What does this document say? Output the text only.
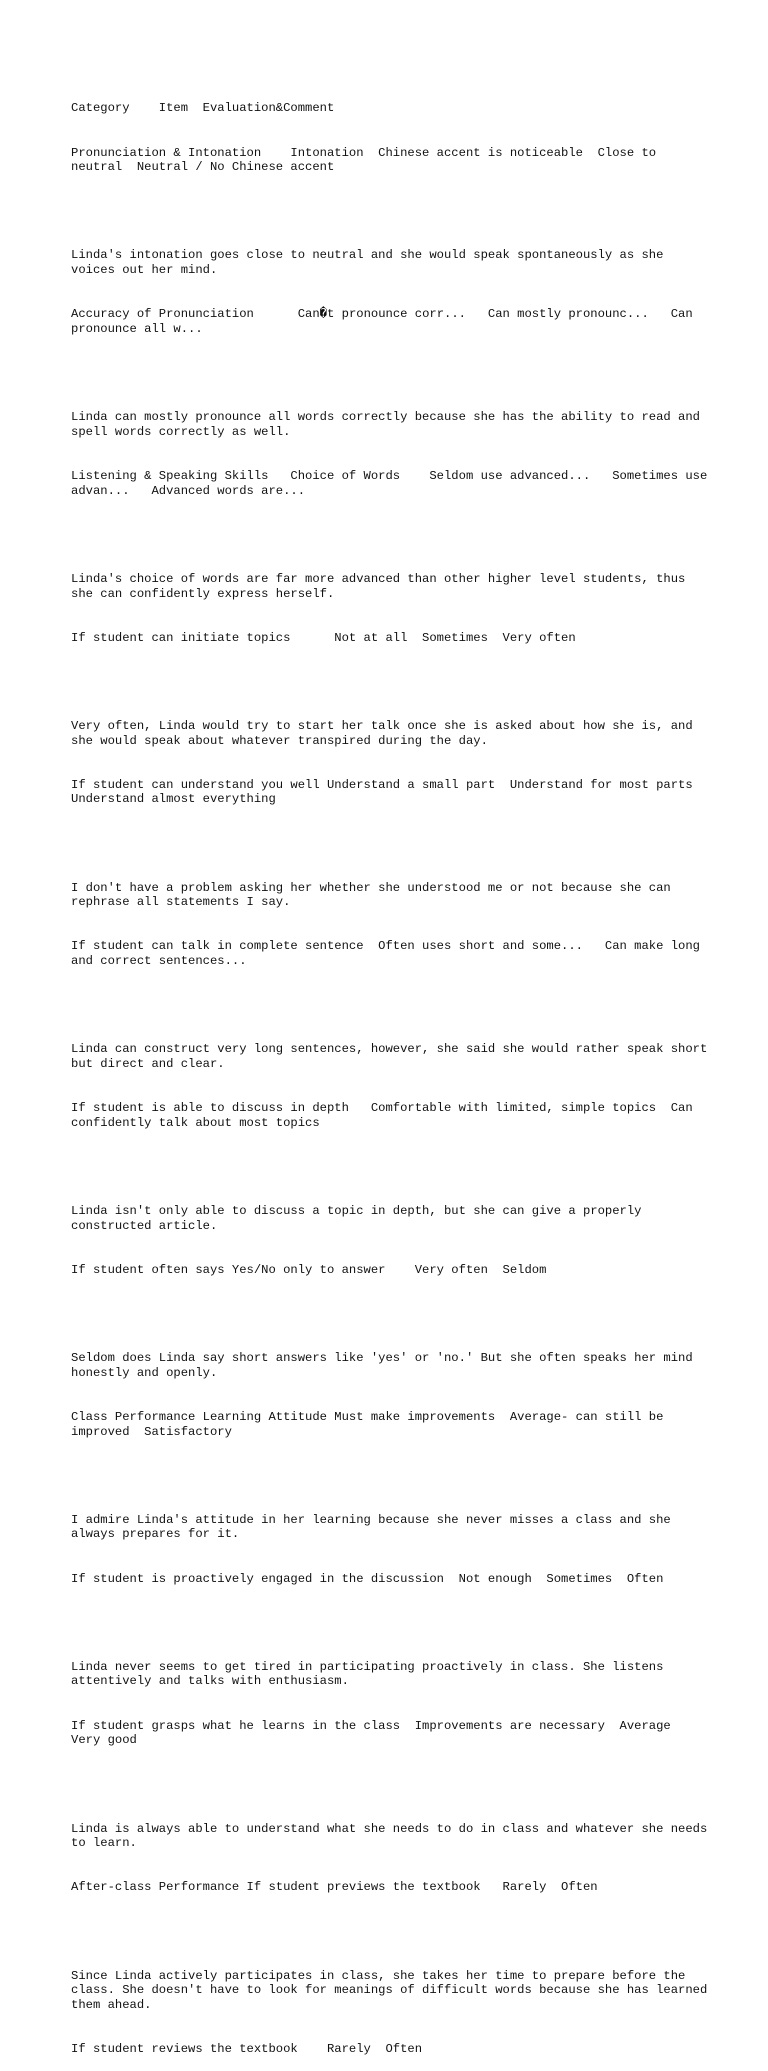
Category    Item  Evaluation&Comment

Pronunciation & Intonation    Intonation  Chinese accent is noticeable  Close to neutral  Neutral / No Chinese accent

Linda's intonation goes close to neutral and she would speak spontaneously as she voices out her mind.

Accuracy of Pronunciation      Can�t pronounce corr...   Can mostly pronounc...   Can pronounce all w...

Linda can mostly pronounce all words correctly because she has the ability to read and spell words correctly as well.

Listening & Speaking Skills   Choice of Words    Seldom use advanced...   Sometimes use advan...   Advanced words are...

Linda's choice of words are far more advanced than other higher level students, thus she can confidently express herself.

If student can initiate topics      Not at all  Sometimes  Very often

Very often, Linda would try to start her talk once she is asked about how she is, and she would speak about whatever transpired during the day.

If student can understand you well Understand a small part  Understand for most parts  Understand almost everything

I don't have a problem asking her whether she understood me or not because she can rephrase all statements I say.

If student can talk in complete sentence  Often uses short and some...   Can make long and correct sentences...

Linda can construct very long sentences, however, she said she would rather speak short but direct and clear.

If student is able to discuss in depth   Comfortable with limited, simple topics  Can confidently talk about most topics

Linda isn't only able to discuss a topic in depth, but she can give a properly constructed article.

If student often says Yes/No only to answer    Very often  Seldom

Seldom does Linda say short answers like 'yes' or 'no.' But she often speaks her mind honestly and openly.

Class Performance Learning Attitude Must make improvements  Average- can still be improved  Satisfactory

I admire Linda's attitude in her learning because she never misses a class and she always prepares for it.

If student is proactively engaged in the discussion  Not enough  Sometimes  Often

Linda never seems to get tired in participating proactively in class. She listens attentively and talks with enthusiasm.

If student grasps what he learns in the class  Improvements are necessary  Average  Very good

Linda is always able to understand what she needs to do in class and whatever she needs to learn.

After-class Performance If student previews the textbook   Rarely  Often

Since Linda actively participates in class, she takes her time to prepare before the class. She doesn't have to look for meanings of difficult words because she has learned them ahead.

If student reviews the textbook    Rarely  Often
